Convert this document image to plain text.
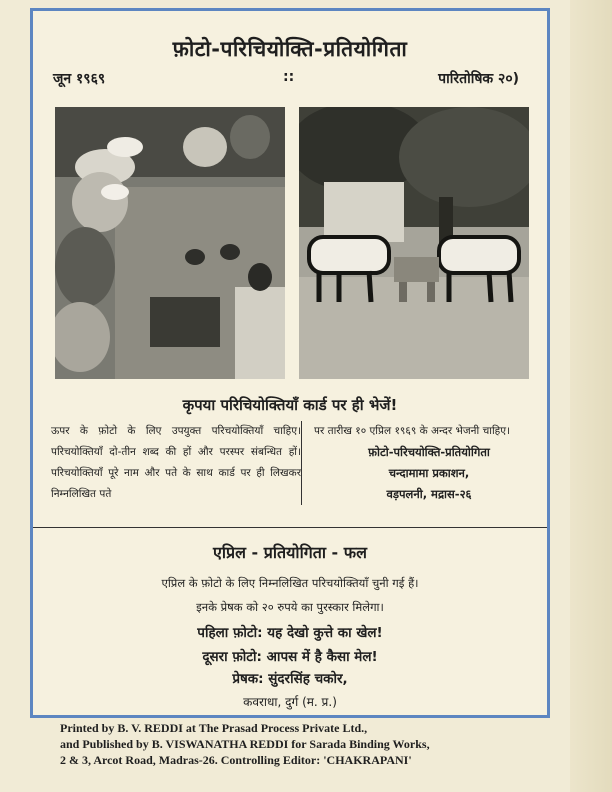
फ़ोटो-परिचियोक्ति-प्रतियोगिता
जून १९६९	::	पारितोषिक २०)
कृपया परिचियोक्तियाँ कार्ड पर ही भेजें!
ऊपर के फ़ोटो के लिए उपयुक्त परिचयोक्तियाँ चाहिए। परिचयोक्तियाँ दो-तीन शब्द की हों और परस्पर संबन्धित हों। परिचयोक्तियाँ पूरे नाम और पते के साथ कार्ड पर ही लिखकर निम्नलिखित पते
पर तारीख १० एप्रिल १९६९ के अन्दर भेजनी चाहिए।
फ़ोटो-परिचयोक्ति-प्रतियोगिता
चन्दामामा प्रकाशन,
वड़पलनी, मद्रास-२६
एप्रिल - प्रतियोगिता - फल
एप्रिल के फ़ोटो के लिए निम्नलिखित परिचयोक्तियाँ चुनी गई हैं।
इनके प्रेषक को २० रुपये का पुरस्कार मिलेगा।
पहिला फ़ोटो: यह देखो कुत्ते का खेल!
दूसरा फ़ोटो: आपस में है कैसा मेल!
प्रेषक: सुंदरसिंह चकोर,
कवराधा, दुर्ग (म. प्र.)
Printed by B. V. REDDI at The Prasad Process Private Ltd.,
and Published by B. VISWANATHA REDDI for Sarada Binding Works,
2 & 3, Arcot Road, Madras-26. Controlling Editor: 'CHAKRAPANI'
